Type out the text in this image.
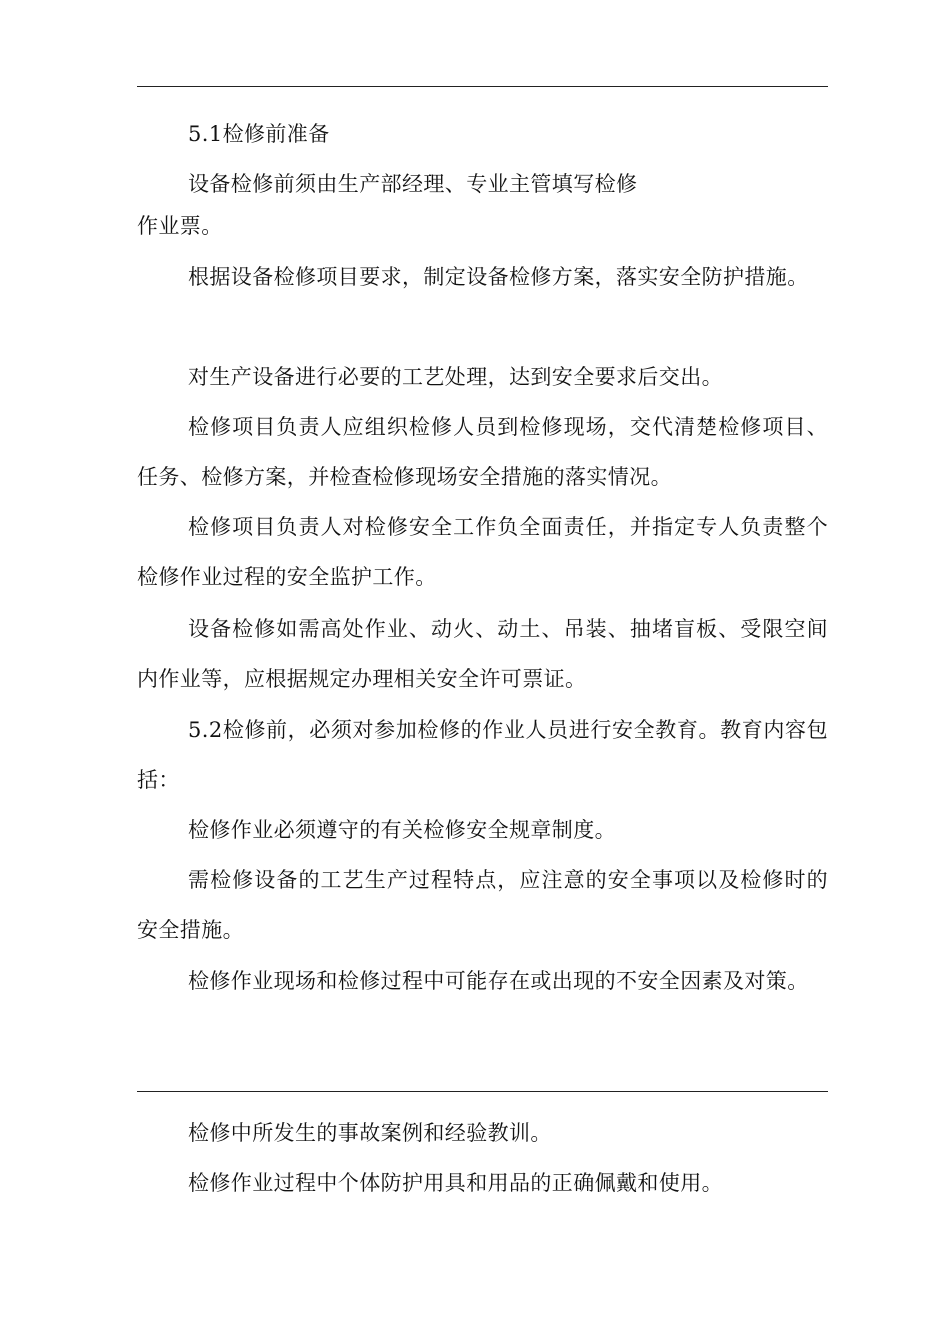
5.1检修前准备

设备检修前须由生产部经理、专业主管填写检修

作业票。

根据设备检修项目要求，制定设备检修方案，落实安全防护措施。

对生产设备进行必要的工艺处理，达到安全要求后交出。

检修项目负责人应组织检修人员到检修现场，交代清楚检修项目、任务、检修方案，并检查检修现场安全措施的落实情况。

检修项目负责人对检修安全工作负全面责任，并指定专人负责整个检修作业过程的安全监护工作。

设备检修如需高处作业、动火、动土、吊装、抽堵盲板、受限空间内作业等，应根据规定办理相关安全许可票证。

5.2检修前，必须对参加检修的作业人员进行安全教育。教育内容包括：

检修作业必须遵守的有关检修安全规章制度。

需检修设备的工艺生产过程特点，应注意的安全事项以及检修时的安全措施。

检修作业现场和检修过程中可能存在或出现的不安全因素及对策。

检修中所发生的事故案例和经验教训。

检修作业过程中个体防护用具和用品的正确佩戴和使用。
